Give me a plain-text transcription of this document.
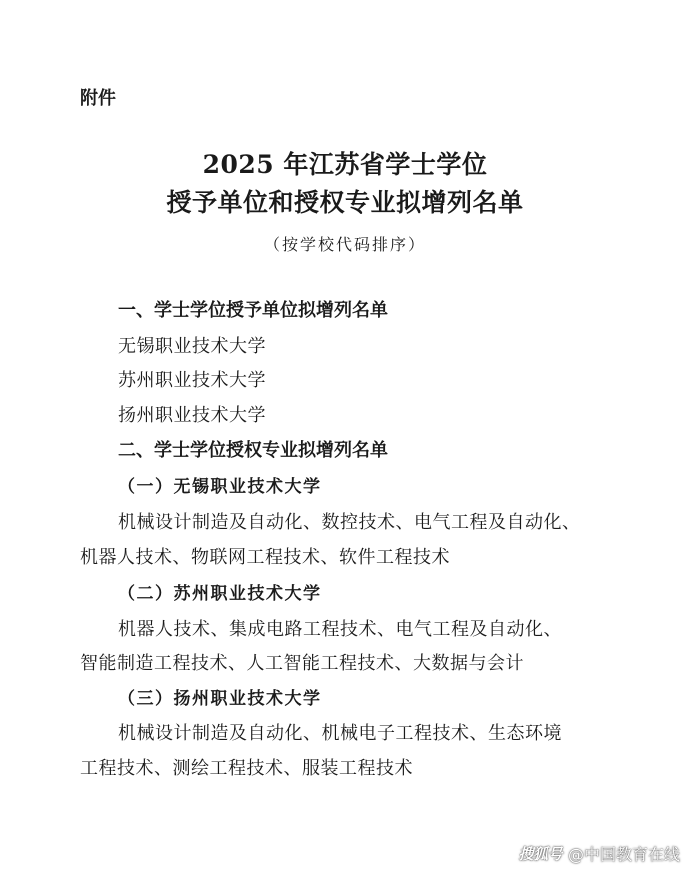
附件
2025 年江苏省学士学位
授予单位和授权专业拟增列名单
（按学校代码排序）
一、学士学位授予单位拟增列名单
无锡职业技术大学
苏州职业技术大学
扬州职业技术大学
二、学士学位授权专业拟增列名单
（一）无锡职业技术大学
机械设计制造及自动化、数控技术、电气工程及自动化、
机器人技术、物联网工程技术、软件工程技术
（二）苏州职业技术大学
机器人技术、集成电路工程技术、电气工程及自动化、
智能制造工程技术、人工智能工程技术、大数据与会计
（三）扬州职业技术大学
机械设计制造及自动化、机械电子工程技术、生态环境
工程技术、测绘工程技术、服装工程技术
搜狐号 @中国教育在线
